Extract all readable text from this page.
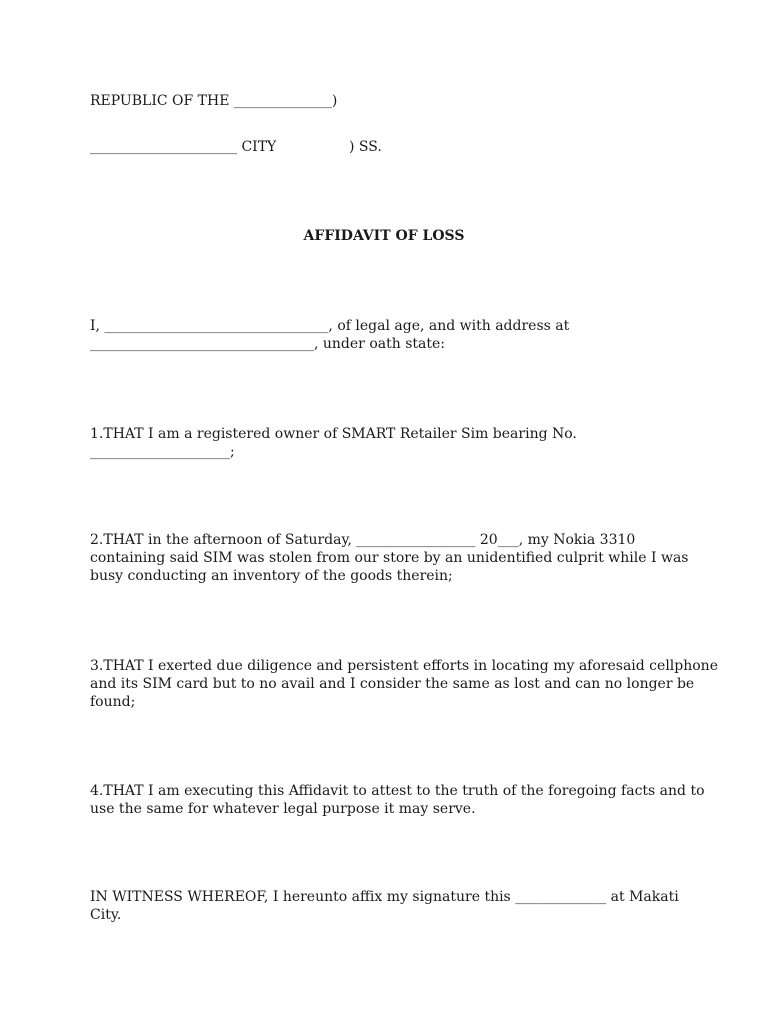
REPUBLIC OF THE ______________)
_____________________ CITY	) SS.
AFFIDAVIT OF LOSS
I, ________________________________, of legal age, and with address at
________________________________, under oath state:
1.THAT I am a registered owner of SMART Retailer Sim bearing No.
____________________;
2.THAT in the afternoon of Saturday, _________________ 20___, my Nokia 3310
containing said SIM was stolen from our store by an unidentified culprit while I was
busy conducting an inventory of the goods therein;
3.THAT I exerted due diligence and persistent efforts in locating my aforesaid cellphone
and its SIM card but to no avail and I consider the same as lost and can no longer be
found;
4.THAT I am executing this Affidavit to attest to the truth of the foregoing facts and to
use the same for whatever legal purpose it may serve.
IN WITNESS WHEREOF, I hereunto affix my signature this _____________ at Makati
City.
